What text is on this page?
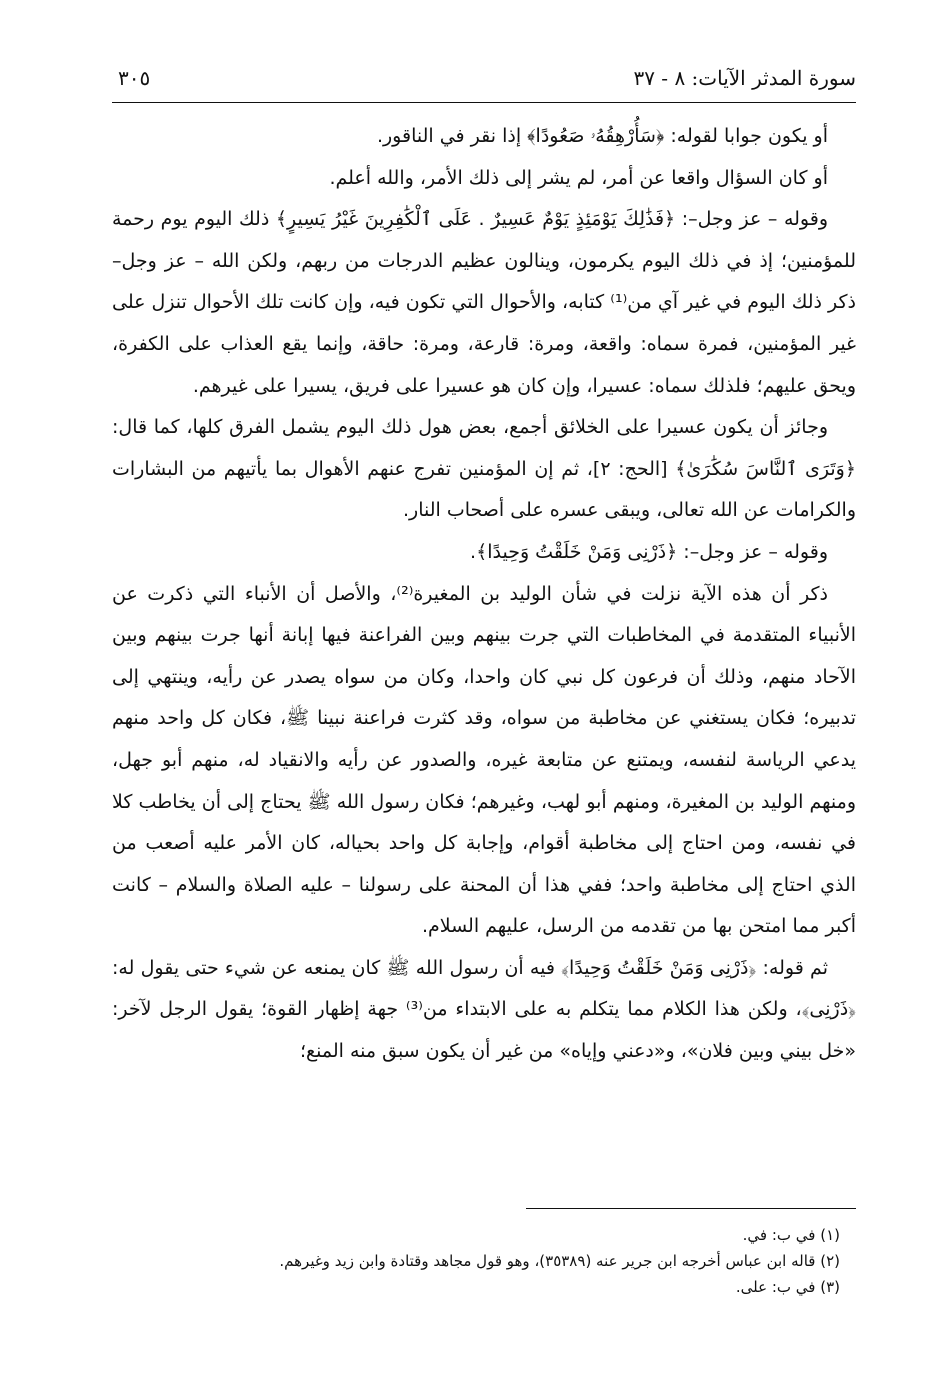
سورة المدثر الآيات: ٨ - ٣٧
٣٠٥

أو يكون جوابا لقوله: ﴿سَأُرْهِقُهُۥ صَعُودًا﴾ إذا نقر في الناقور.

أو كان السؤال واقعا عن أمر، لم يشر إلى ذلك الأمر، والله أعلم.

وقوله – عز وجل–: ﴿فَذَٰلِكَ يَوْمَئِذٍ يَوْمٌ عَسِيرٌ . عَلَى ٱلْكَٰفِرِينَ غَيْرُ يَسِيرٍ﴾ ذلك اليوم يوم رحمة للمؤمنين؛ إذ في ذلك اليوم يكرمون، وينالون عظيم الدرجات من ربهم، ولكن الله – عز وجل– ذكر ذلك اليوم في غير آي من⁽¹⁾ كتابه، والأحوال التي تكون فيه، وإن كانت تلك الأحوال تنزل على غير المؤمنين، فمرة سماه: واقعة، ومرة: قارعة، ومرة: حاقة، وإنما يقع العذاب على الكفرة، ويحق عليهم؛ فلذلك سماه: عسيرا، وإن كان هو عسيرا على فريق، يسيرا على غيرهم.

وجائز أن يكون عسيرا على الخلائق أجمع، بعض هول ذلك اليوم يشمل الفرق كلها، كما قال: ﴿وَتَرَى ٱلنَّاسَ سُكَٰرَىٰ﴾ [الحج: ٢]، ثم إن المؤمنين تفرج عنهم الأهوال بما يأتيهم من البشارات والكرامات عن الله تعالى، ويبقى عسره على أصحاب النار.

وقوله – عز وجل–: ﴿ذَرْنِى وَمَنْ خَلَقْتُ وَحِيدًا﴾.

ذكر أن هذه الآية نزلت في شأن الوليد بن المغيرة⁽²⁾، والأصل أن الأنباء التي ذكرت عن الأنبياء المتقدمة في المخاطبات التي جرت بينهم وبين الفراعنة فيها إبانة أنها جرت بينهم وبين الآحاد منهم، وذلك أن فرعون كل نبي كان واحدا، وكان من سواه يصدر عن رأيه، وينتهي إلى تدبيره؛ فكان يستغني عن مخاطبة من سواه، وقد كثرت فراعنة نبينا ﷺ، فكان كل واحد منهم يدعي الرياسة لنفسه، ويمتنع عن متابعة غيره، والصدور عن رأيه والانقياد له، منهم أبو جهل، ومنهم الوليد بن المغيرة، ومنهم أبو لهب، وغيرهم؛ فكان رسول الله ﷺ يحتاج إلى أن يخاطب كلا في نفسه، ومن احتاج إلى مخاطبة أقوام، وإجابة كل واحد بحياله، كان الأمر عليه أصعب من الذي احتاج إلى مخاطبة واحد؛ ففي هذا أن المحنة على رسولنا – عليه الصلاة والسلام – كانت أكبر مما امتحن بها من تقدمه من الرسل، عليهم السلام.

ثم قوله: ﴿ذَرْنِى وَمَنْ خَلَقْتُ وَحِيدًا﴾ فيه أن رسول الله ﷺ كان يمنعه عن شيء حتى يقول له: ﴿ذَرْنِى﴾، ولكن هذا الكلام مما يتكلم به على الابتداء من⁽³⁾ جهة إظهار القوة؛ يقول الرجل لآخر: «خل بيني وبين فلان»، و«دعني وإياه» من غير أن يكون سبق منه المنع؛

(١) في ب: في.
(٢) قاله ابن عباس أخرجه ابن جرير عنه (٣٥٣٨٩)، وهو قول مجاهد وقتادة وابن زيد وغيرهم.
(٣) في ب: على.
